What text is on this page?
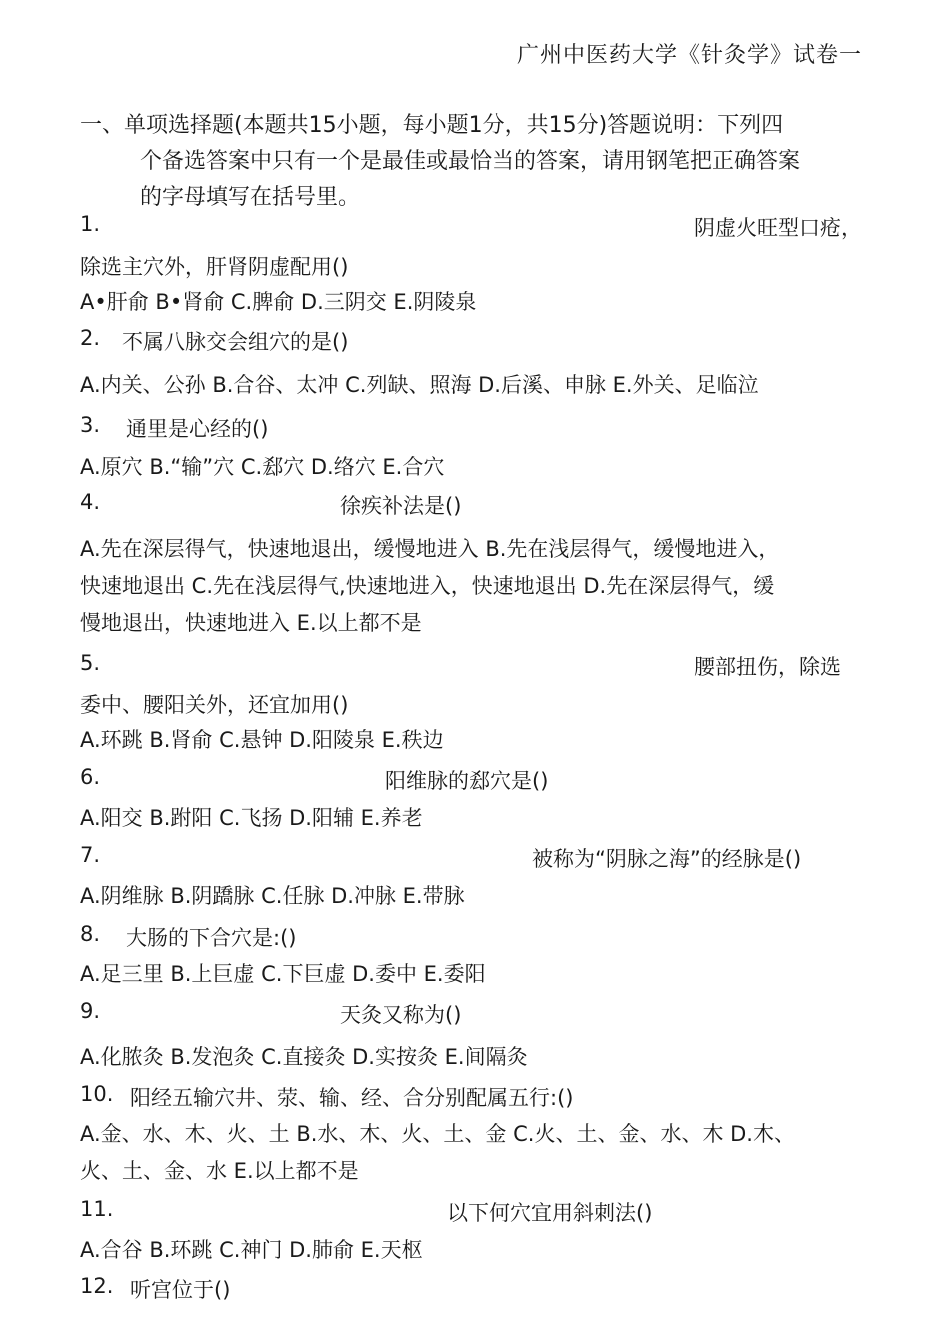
广州中医药大学《针灸学》试卷一
一、单项选择题(本题共15小题，每小题1分，共15分)答题说明：下列四
个备选答案中只有一个是最佳或最恰当的答案，请用钢笔把正确答案
的字母填写在括号里。
1.	阴虚火旺型口疮，
除选主穴外，肝肾阴虚配用()
A•肝俞 B•肾俞 C.脾俞 D.三阴交 E.阴陵泉
2. 不属八脉交会组穴的是()
A.内关、公孙 B.合谷、太冲 C.列缺、照海 D.后溪、申脉 E.外关、足临泣
3. 通里是心经的()
A.原穴 B.“输”穴 C.郄穴 D.络穴 E.合穴
4.	徐疾补法是()
A.先在深层得气，快速地退出，缓慢地进入 B.先在浅层得气，缓慢地进入，
快速地退出 C.先在浅层得气,快速地进入，快速地退出 D.先在深层得气，缓
慢地退出，快速地进入 E.以上都不是
5.	腰部扭伤，除选
委中、腰阳关外，还宜加用()
A.环跳 B.肾俞 C.悬钟 D.阳陵泉 E.秩边
6.	阳维脉的郄穴是()
A.阳交 B.跗阳 C.飞扬 D.阳辅 E.养老
7.	被称为“阴脉之海”的经脉是()
A.阴维脉 B.阴蹻脉 C.任脉 D.冲脉 E.带脉
8. 大肠的下合穴是:()
A.足三里 B.上巨虚 C.下巨虚 D.委中 E.委阳
9.	天灸又称为()
A.化脓灸 B.发泡灸 C.直接灸 D.实按灸 E.间隔灸
10. 阳经五输穴井、荥、输、经、合分别配属五行:()
A.金、水、木、火、土 B.水、木、火、土、金 C.火、土、金、水、木 D.木、
火、土、金、水 E.以上都不是
11.	以下何穴宜用斜刺法()
A.合谷 B.环跳 C.神门 D.肺俞 E.天枢
12. 听宫位于()
